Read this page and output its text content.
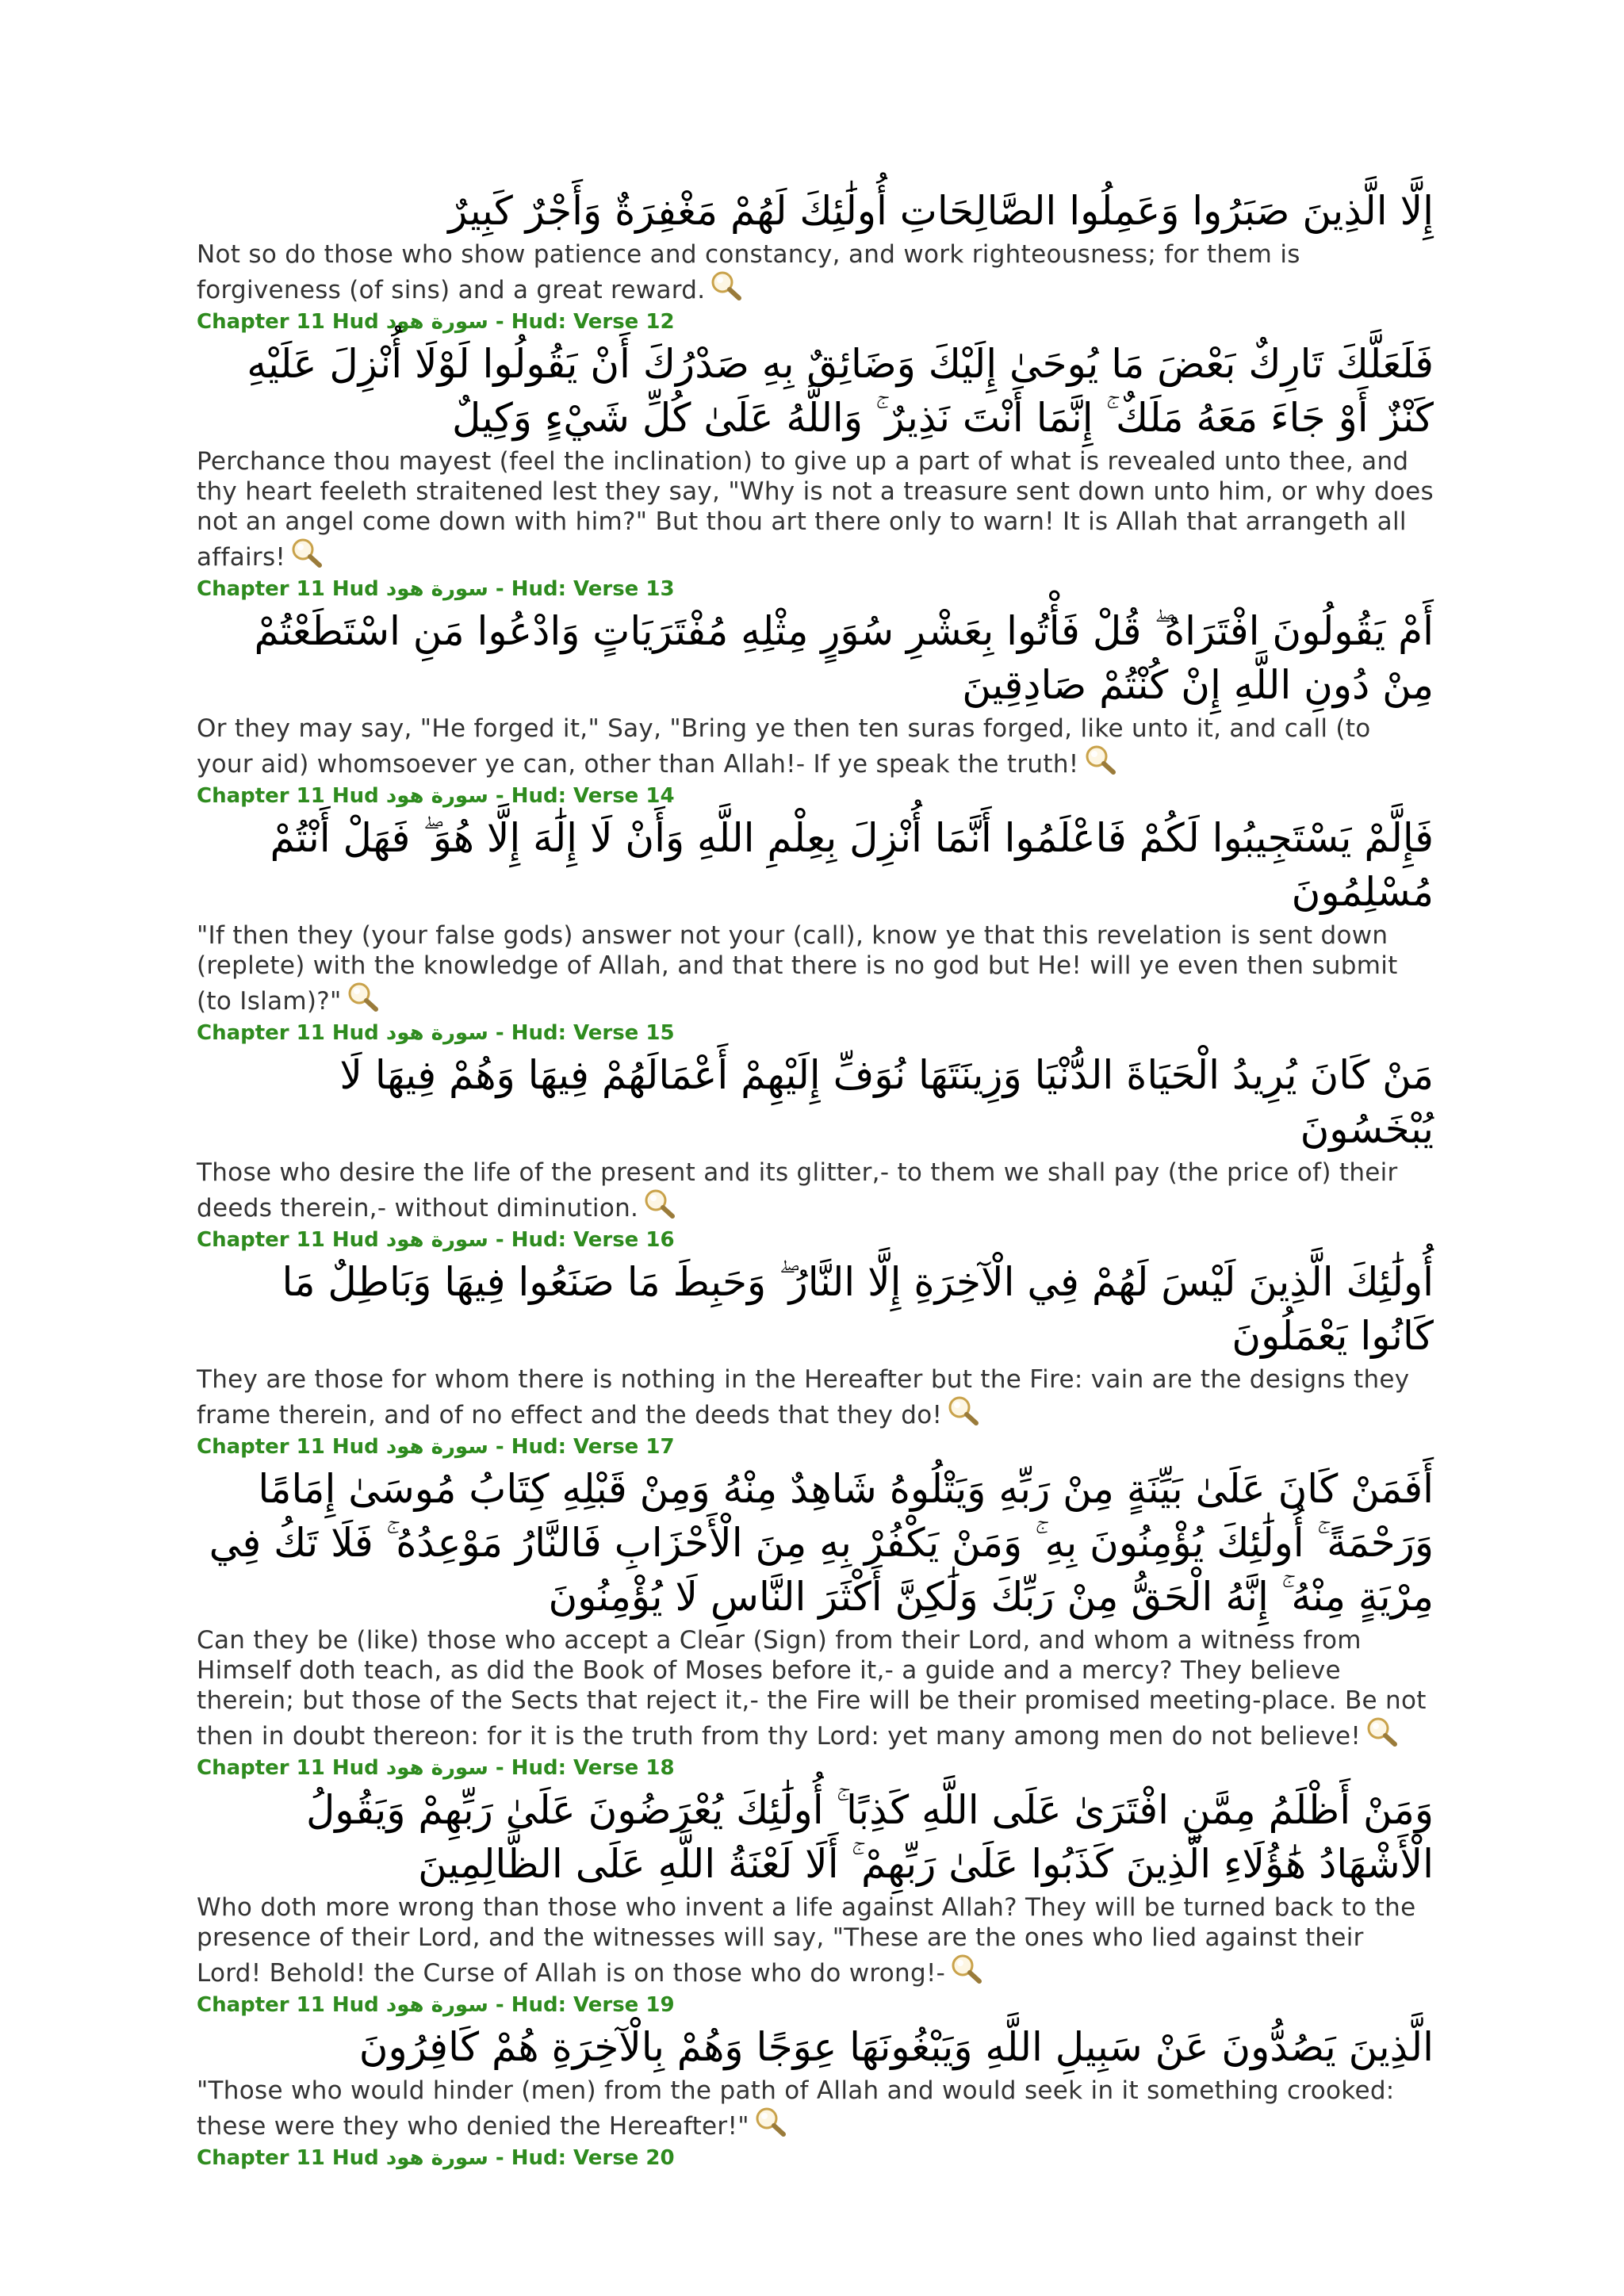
إِلَّا الَّذِينَ صَبَرُوا وَعَمِلُوا الصَّالِحَاتِ أُولَٰئِكَ لَهُمْ مَغْفِرَةٌ وَأَجْرٌ كَبِيرٌ

Not so do those who show patience and constancy, and work righteousness; for them is forgiveness (of sins) and a great reward.

Chapter 11 Hud سورة هود - Hud: Verse 12

فَلَعَلَّكَ تَارِكٌ بَعْضَ مَا يُوحَىٰ إِلَيْكَ وَضَائِقٌ بِهِ صَدْرُكَ أَنْ يَقُولُوا لَوْلَا أُنْزِلَ عَلَيْهِ كَنْزٌ أَوْ جَاءَ مَعَهُ مَلَكٌ ۚ إِنَّمَا أَنْتَ نَذِيرٌ ۚ وَاللَّهُ عَلَىٰ كُلِّ شَيْءٍ وَكِيلٌ

Perchance thou mayest (feel the inclination) to give up a part of what is revealed unto thee, and thy heart feeleth straitened lest they say, "Why is not a treasure sent down unto him, or why does not an angel come down with him?" But thou art there only to warn! It is Allah that arrangeth all affairs!

Chapter 11 Hud سورة هود - Hud: Verse 13

أَمْ يَقُولُونَ افْتَرَاهُ ۖ قُلْ فَأْتُوا بِعَشْرِ سُوَرٍ مِثْلِهِ مُفْتَرَيَاتٍ وَادْعُوا مَنِ اسْتَطَعْتُمْ مِنْ دُونِ اللَّهِ إِنْ كُنْتُمْ صَادِقِينَ

Or they may say, "He forged it," Say, "Bring ye then ten suras forged, like unto it, and call (to your aid) whomsoever ye can, other than Allah!- If ye speak the truth!

Chapter 11 Hud سورة هود - Hud: Verse 14

فَإِلَّمْ يَسْتَجِيبُوا لَكُمْ فَاعْلَمُوا أَنَّمَا أُنْزِلَ بِعِلْمِ اللَّهِ وَأَنْ لَا إِلَٰهَ إِلَّا هُوَ ۖ فَهَلْ أَنْتُمْ مُسْلِمُونَ

"If then they (your false gods) answer not your (call), know ye that this revelation is sent down (replete) with the knowledge of Allah, and that there is no god but He! will ye even then submit (to Islam)?"

Chapter 11 Hud سورة هود - Hud: Verse 15

مَنْ كَانَ يُرِيدُ الْحَيَاةَ الدُّنْيَا وَزِينَتَهَا نُوَفِّ إِلَيْهِمْ أَعْمَالَهُمْ فِيهَا وَهُمْ فِيهَا لَا يُبْخَسُونَ

Those who desire the life of the present and its glitter,- to them we shall pay (the price of) their deeds therein,- without diminution.

Chapter 11 Hud سورة هود - Hud: Verse 16

أُولَٰئِكَ الَّذِينَ لَيْسَ لَهُمْ فِي الْآخِرَةِ إِلَّا النَّارُ ۖ وَحَبِطَ مَا صَنَعُوا فِيهَا وَبَاطِلٌ مَا كَانُوا يَعْمَلُونَ

They are those for whom there is nothing in the Hereafter but the Fire: vain are the designs they frame therein, and of no effect and the deeds that they do!

Chapter 11 Hud سورة هود - Hud: Verse 17

أَفَمَنْ كَانَ عَلَىٰ بَيِّنَةٍ مِنْ رَبِّهِ وَيَتْلُوهُ شَاهِدٌ مِنْهُ وَمِنْ قَبْلِهِ كِتَابُ مُوسَىٰ إِمَامًا وَرَحْمَةً ۚ أُولَٰئِكَ يُؤْمِنُونَ بِهِ ۚ وَمَنْ يَكْفُرْ بِهِ مِنَ الْأَحْزَابِ فَالنَّارُ مَوْعِدُهُ ۚ فَلَا تَكُ فِي مِرْيَةٍ مِنْهُ ۚ إِنَّهُ الْحَقُّ مِنْ رَبِّكَ وَلَٰكِنَّ أَكْثَرَ النَّاسِ لَا يُؤْمِنُونَ

Can they be (like) those who accept a Clear (Sign) from their Lord, and whom a witness from Himself doth teach, as did the Book of Moses before it,- a guide and a mercy? They believe therein; but those of the Sects that reject it,- the Fire will be their promised meeting-place. Be not then in doubt thereon: for it is the truth from thy Lord: yet many among men do not believe!

Chapter 11 Hud سورة هود - Hud: Verse 18

وَمَنْ أَظْلَمُ مِمَّنِ افْتَرَىٰ عَلَى اللَّهِ كَذِبًا ۚ أُولَٰئِكَ يُعْرَضُونَ عَلَىٰ رَبِّهِمْ وَيَقُولُ الْأَشْهَادُ هَٰؤُلَاءِ الَّذِينَ كَذَبُوا عَلَىٰ رَبِّهِمْ ۚ أَلَا لَعْنَةُ اللَّهِ عَلَى الظَّالِمِينَ

Who doth more wrong than those who invent a life against Allah? They will be turned back to the presence of their Lord, and the witnesses will say, "These are the ones who lied against their Lord! Behold! the Curse of Allah is on those who do wrong!-

Chapter 11 Hud سورة هود - Hud: Verse 19

الَّذِينَ يَصُدُّونَ عَنْ سَبِيلِ اللَّهِ وَيَبْغُونَهَا عِوَجًا وَهُمْ بِالْآخِرَةِ هُمْ كَافِرُونَ

"Those who would hinder (men) from the path of Allah and would seek in it something crooked: these were they who denied the Hereafter!"

Chapter 11 Hud سورة هود - Hud: Verse 20
